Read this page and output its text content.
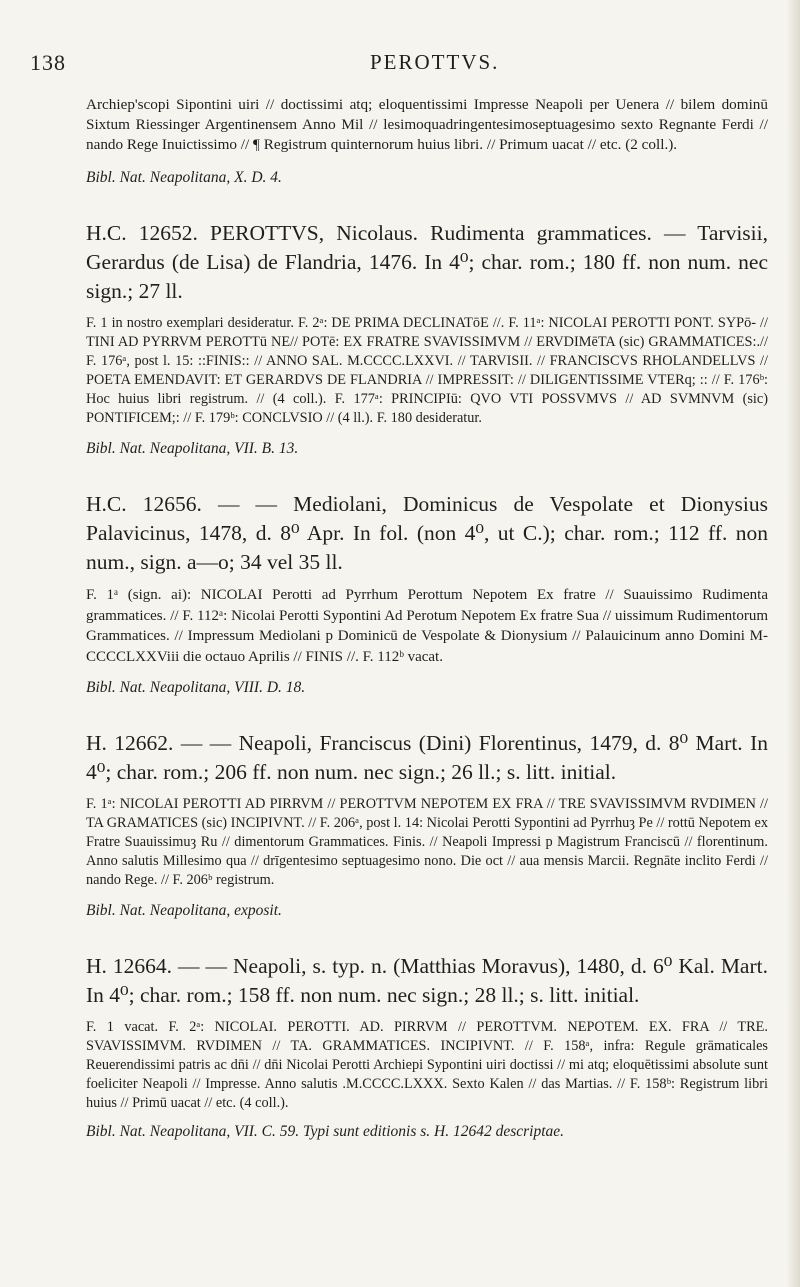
138	PEROTTVS.

Archiep'scopi Sipontini uiri // doctissimi atq; eloquentissimi Impresse Neapoli per Uenera // bilem dominū Sixtum Riessinger Argentinensem Anno Mil // lesimoquadringentesimoseptuagesimo sexto Regnante Ferdi // nando Rege Inuictissimo // ¶ Registrum quinternorum huius libri. // Primum uacat // etc. (2 coll.).

Bibl. Nat. Neapolitana, X. D. 4.

H.C. 12652. PEROTTVS, Nicolaus. Rudimenta grammatices. — Tarvisii, Gerardus (de Lisa) de Flandria, 1476. In 4⁰; char. rom.; 180 ff. non num. nec sign.; 27 ll.

F. 1 in nostro exemplari desideratur. F. 2ᵃ: DE PRIMA DECLINATōE //. F. 11ᵃ: NICOLAI PEROTTI PONT. SYPō- // TINI AD PYRRVM PEROTTū NE// POTē: EX FRATRE SVAVISSIMVM // ERVDIMēTA (sic) GRAMMATICES:.// F. 176ᵃ, post l. 15: ::FINIS:: // ANNO SAL. M.CCCC.LXXVI. // TARVISII. // FRANCISCVS RHOLANDELLVS // POETA EMENDAVIT: ET GERARDVS DE FLANDRIA // IMPRESSIT: // DILIGENTISSIME VTERq; :: // F. 176ᵇ: Hoc huius libri registrum. // (4 coll.). F. 177ᵃ: PRINCIPIū: QVO VTI POSSVMVS // AD SVMNVM (sic) PONTIFICEM;: // F. 179ᵇ: CONCLVSIO // (4 ll.). F. 180 desideratur.

Bibl. Nat. Neapolitana, VII. B. 13.

H.C. 12656. — — Mediolani, Dominicus de Vespolate et Dionysius Palavicinus, 1478, d. 8⁰ Apr. In fol. (non 4⁰, ut C.); char. rom.; 112 ff. non num., sign. a—o; 34 vel 35 ll.

F. 1ᵃ (sign. ai): NICOLAI Perotti ad Pyrrhum Perottum Nepotem Ex fratre // Suauissimo Rudimenta grammatices. // F. 112ᵃ: Nicolai Perotti Sypontini Ad Perotum Nepotem Ex fratre Sua // uissimum Rudimentorum Grammatices. // Impressum Mediolani p Dominicū de Vespolate & Dionysium // Palauicinum anno Domini M-CCCCLXXViii die octauo Aprilis // FINIS //. F. 112ᵇ vacat.

Bibl. Nat. Neapolitana, VIII. D. 18.

H. 12662. — — Neapoli, Franciscus (Dini) Florentinus, 1479, d. 8⁰ Mart. In 4⁰; char. rom.; 206 ff. non num. nec sign.; 26 ll.; s. litt. initial.

F. 1ᵃ: NICOLAI PEROTTI AD PIRRVM // PEROTTVM NEPOTEM EX FRA // TRE SVAVISSIMVM RVDIMEN // TA GRAMATICES (sic) INCIPIVNT. // F. 206ᵃ, post l. 14: Nicolai Perotti Sypontini ad Pyrrhuȝ Pe // rottū Nepotem ex Fratre Suauissimuȝ Ru // dimentorum Grammatices. Finis. // Neapoli Impressi p Magistrum Franciscū // florentinum. Anno salutis Millesimo qua // drīgentesimo septuagesimo nono. Die oct // aua mensis Marcii. Regnāte inclito Ferdi // nando Rege. // F. 206ᵇ registrum.

Bibl. Nat. Neapolitana, exposit.

H. 12664. — — Neapoli, s. typ. n. (Matthias Moravus), 1480, d. 6⁰ Kal. Mart. In 4⁰; char. rom.; 158 ff. non num. nec sign.; 28 ll.; s. litt. initial.

F. 1 vacat. F. 2ᵃ: NICOLAI. PEROTTI. AD. PIRRVM // PEROTTVM. NEPOTEM. EX. FRA // TRE. SVAVISSIMVM. RVDIMEN // TA. GRAMMATICES. INCIPIVNT. // F. 158ᵃ, infra: Regule grāmaticales Reuerendissimi patris ac dn̄i // dn̄i Nicolai Perotti Archiepi Sypontini uiri doctissi // mi atq; eloquētissimi absolute sunt foeliciter Neapoli // Impresse. Anno salutis .M.CCCC.LXXX. Sexto Kalen // das Martias. // F. 158ᵇ: Registrum libri huius // Primū uacat // etc. (4 coll.).

Bibl. Nat. Neapolitana, VII. C. 59. Typi sunt editionis s. H. 12642 descriptae.
